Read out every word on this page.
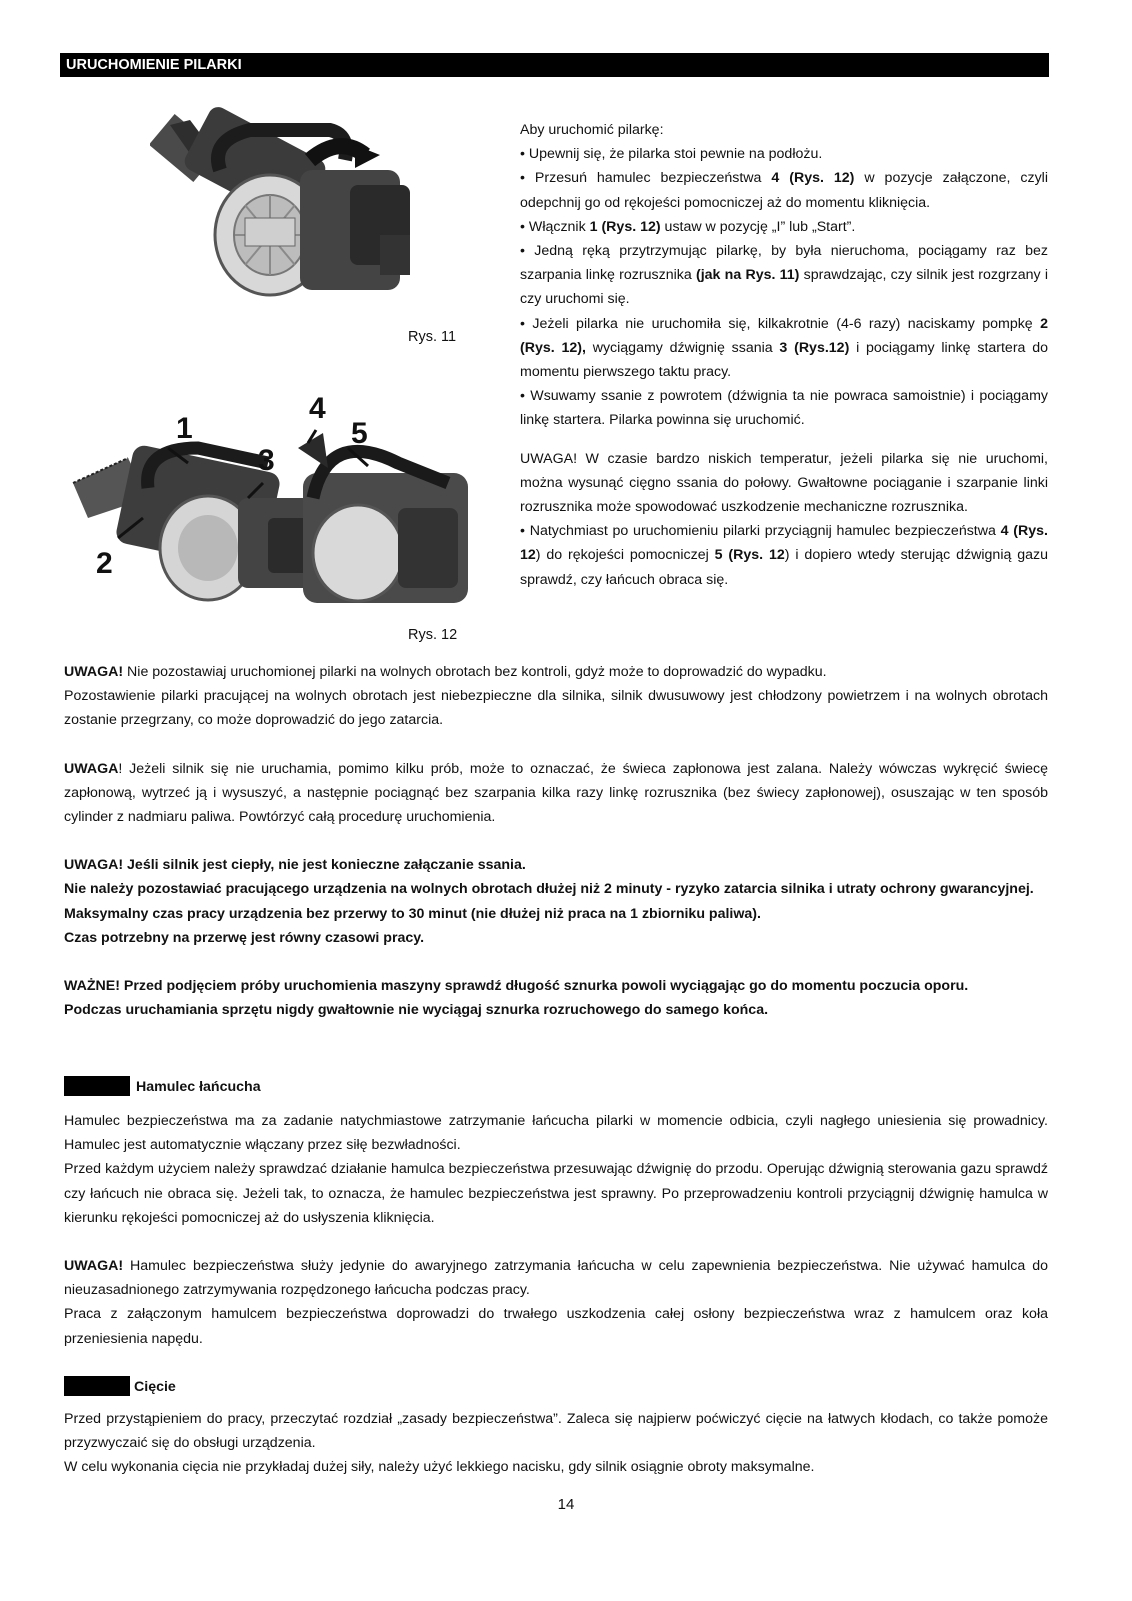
URUCHOMIENIE PILARKI
Rys. 11
1
2
3
4
5
Rys. 12

Aby uruchomić pilarkę:

• Upewnij się, że pilarka stoi pewnie na podłożu.

• Przesuń hamulec bezpieczeństwa 4 (Rys. 12) w pozycje załączone, czyli odepchnij go od rękojeści pomocniczej aż do momentu kliknięcia.

• Włącznik 1 (Rys. 12) ustaw w pozycję „I” lub „Start”.

• Jedną ręką przytrzymując pilarkę, by była nieruchoma, pociągamy raz bez szarpania linkę rozrusznika (jak na Rys. 11) sprawdzając, czy silnik jest rozgrzany i czy uruchomi się.

• Jeżeli pilarka nie uruchomiła się, kilkakrotnie (4-6 razy) naciskamy pompkę 2 (Rys. 12), wyciągamy dźwignię ssania 3 (Rys.12) i pociągamy linkę startera do momentu pierwszego taktu pracy.

• Wsuwamy ssanie z powrotem (dźwignia ta nie powraca samoistnie) i pociągamy linkę startera. Pilarka powinna się uruchomić.

UWAGA! W czasie bardzo niskich temperatur, jeżeli pilarka się nie uruchomi, można wysunąć cięgno ssania do połowy. Gwałtowne pociąganie i szarpanie linki rozrusznika może spowodować uszkodzenie mechaniczne rozrusznika.

• Natychmiast po uruchomieniu pilarki przyciągnij hamulec bezpieczeństwa 4 (Rys. 12) do rękojeści pomocniczej 5 (Rys. 12) i dopiero wtedy sterując dźwignią gazu sprawdź, czy łańcuch obraca się.

UWAGA! Nie pozostawiaj uruchomionej pilarki na wolnych obrotach bez kontroli, gdyż może to doprowadzić do wypadku.

Pozostawienie pilarki pracującej na wolnych obrotach jest niebezpieczne dla silnika, silnik dwusuwowy jest chłodzony powietrzem i na wolnych obrotach zostanie przegrzany, co może doprowadzić do jego zatarcia.

UWAGA! Jeżeli silnik się nie uruchamia, pomimo kilku prób, może to oznaczać, że świeca zapłonowa jest zalana. Należy wówczas wykręcić świecę zapłonową, wytrzeć ją i wysuszyć, a następnie pociągnąć bez szarpania kilka razy linkę rozrusznika (bez świecy zapłonowej), osuszając w ten sposób cylinder z nadmiaru paliwa. Powtórzyć całą procedurę uruchomienia.

UWAGA! Jeśli silnik jest ciepły, nie jest konieczne załączanie ssania.

Nie należy pozostawiać pracującego urządzenia na wolnych obrotach dłużej niż 2 minuty - ryzyko zatarcia silnika i utraty ochrony gwarancyjnej.

Maksymalny czas pracy urządzenia bez przerwy to 30 minut (nie dłużej niż praca na 1 zbiorniku paliwa).

Czas potrzebny na przerwę jest równy czasowi pracy.

WAŻNE! Przed podjęciem próby uruchomienia maszyny sprawdź długość sznurka powoli wyciągając go do momentu poczucia oporu.

Podczas uruchamiania sprzętu nigdy gwałtownie nie wyciągaj sznurka rozruchowego do samego końca.

Hamulec łańcucha

Hamulec bezpieczeństwa ma za zadanie natychmiastowe zatrzymanie łańcucha pilarki w momencie odbicia, czyli nagłego uniesienia się prowadnicy. Hamulec jest automatycznie włączany przez siłę bezwładności.

Przed każdym użyciem należy sprawdzać działanie hamulca bezpieczeństwa przesuwając dźwignię do przodu. Operując dźwignią sterowania gazu sprawdź czy łańcuch nie obraca się. Jeżeli tak, to oznacza, że hamulec bezpieczeństwa jest sprawny. Po przeprowadzeniu kontroli przyciągnij dźwignię hamulca w kierunku rękojeści pomocniczej aż do usłyszenia kliknięcia.

UWAGA! Hamulec bezpieczeństwa służy jedynie do awaryjnego zatrzymania łańcucha w celu zapewnienia bezpieczeństwa. Nie używać hamulca do nieuzasadnionego zatrzymywania rozpędzonego łańcucha podczas pracy.

Praca z załączonym hamulcem bezpieczeństwa doprowadzi do trwałego uszkodzenia całej osłony bezpieczeństwa wraz z hamulcem oraz koła przeniesienia napędu.

Cięcie

Przed przystąpieniem do pracy, przeczytać rozdział „zasady bezpieczeństwa”. Zaleca się najpierw poćwiczyć cięcie na łatwych kłodach, co także pomoże przyzwyczaić się do obsługi urządzenia.

W celu wykonania cięcia nie przykładaj dużej siły, należy użyć lekkiego nacisku, gdy silnik osiągnie obroty maksymalne.

14
